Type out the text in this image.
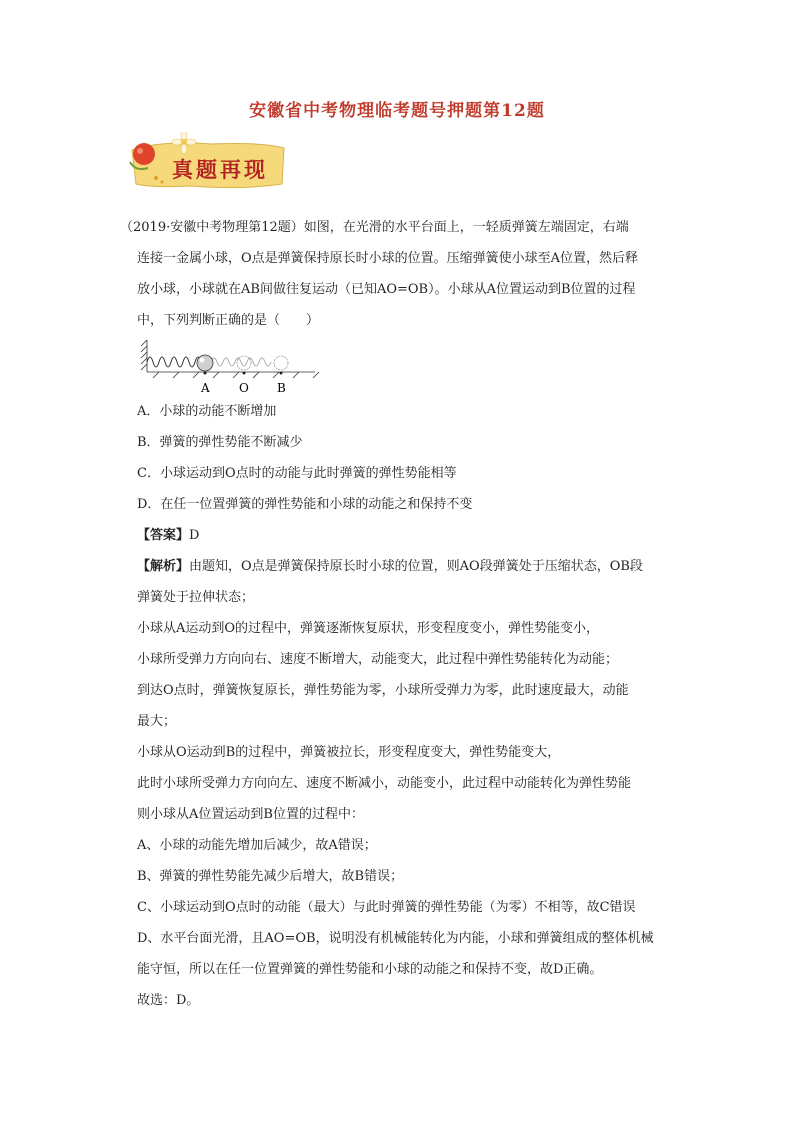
安徽省中考物理临考题号押题第12题
真题再现
（2019·安徽中考物理第12题）如图，在光滑的水平台面上，一轻质弹簧左端固定，右端
连接一金属小球，O点是弹簧保持原长时小球的位置。压缩弹簧使小球至A位置，然后释
放小球，小球就在AB间做往复运动（已知AO=OB）。小球从A位置运动到B位置的过程
中，下列判断正确的是（　　）
A O B
A．小球的动能不断增加
B．弹簧的弹性势能不断减少
C．小球运动到O点时的动能与此时弹簧的弹性势能相等
D．在任一位置弹簧的弹性势能和小球的动能之和保持不变
【答案】D
【解析】由题知，O点是弹簧保持原长时小球的位置，则AO段弹簧处于压缩状态，OB段
弹簧处于拉伸状态；
小球从A运动到O的过程中，弹簧逐渐恢复原状，形变程度变小，弹性势能变小，
小球所受弹力方向向右、速度不断增大，动能变大，此过程中弹性势能转化为动能；
到达O点时，弹簧恢复原长，弹性势能为零，小球所受弹力为零，此时速度最大，动能
最大；
小球从O运动到B的过程中，弹簧被拉长，形变程度变大，弹性势能变大，
此时小球所受弹力方向向左、速度不断减小，动能变小，此过程中动能转化为弹性势能
则小球从A位置运动到B位置的过程中：
A、小球的动能先增加后减少，故A错误；
B、弹簧的弹性势能先减少后增大，故B错误；
C、小球运动到O点时的动能（最大）与此时弹簧的弹性势能（为零）不相等，故C错误
D、水平台面光滑，且AO=OB，说明没有机械能转化为内能，小球和弹簧组成的整体机械
能守恒，所以在任一位置弹簧的弹性势能和小球的动能之和保持不变，故D正确。
故选：D。
